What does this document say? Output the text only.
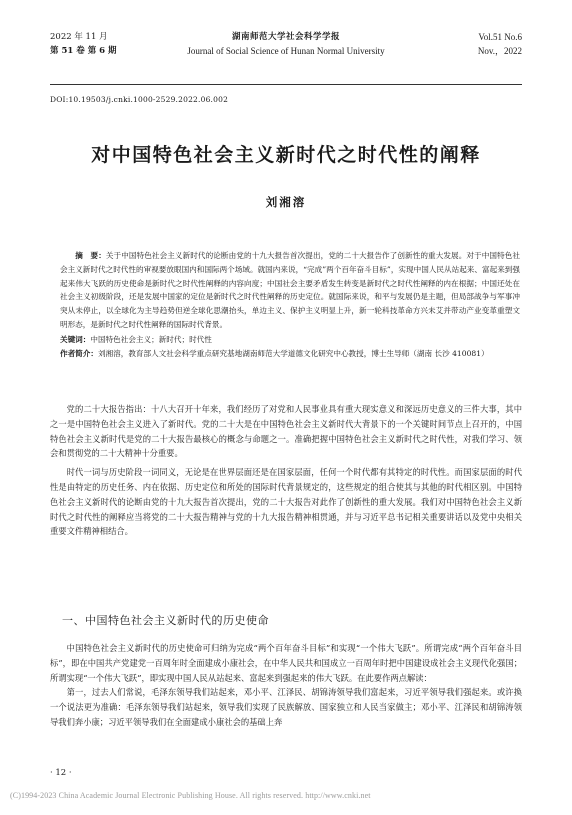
2022 年 11 月
第 51 卷 第 6 期
湖南师范大学社会科学学报
Journal of Social Science of Hunan Normal University
Vol.51 No.6
Nov.，2022
DOI:10.19503/j.cnki.1000-2529.2022.06.002
对中国特色社会主义新时代之时代性的阐释
刘湘溶

摘　要：关于中国特色社会主义新时代的论断由党的十九大报告首次提出，党的二十大报告作了创新性的重大发展。对于中国特色社会主义新时代之时代性的审视要放眼国内和国际两个场域。就国内来说，“完成”两个百年奋斗目标”，实现中国人民从站起来、富起来到强起来伟大飞跃的历史使命是新时代之时代性阐释的内容向度；中国社会主要矛盾发生转变是新时代之时代性阐释的内在根据；中国还处在社会主义初级阶段，还是发展中国家的定位是新时代之时代性阐释的历史定位。就国际来说，和平与发展仍是主题，但局部战争与军事冲突从未停止，以全球化为主导趋势但逆全球化思潮抬头，单边主义、保护主义明显上升，新一轮科技革命方兴未艾并带动产业变革重塑文明形态，是新时代之时代性阐释的国际时代背景。

关键词：中国特色社会主义；新时代；时代性

作者简介：刘湘溶，教育部人文社会科学重点研究基地湖南师范大学道德文化研究中心教授，博士生导师（湖南 长沙 410081）

党的二十大报告指出：十八大召开十年来，我们经历了对党和人民事业具有重大现实意义和深远历史意义的三件大事，其中之一是中国特色社会主义进入了新时代。党的二十大是在中国特色社会主义新时代大背景下的一个关键时间节点上召开的，中国特色社会主义新时代是党的二十大报告最核心的概念与命题之一。准确把握中国特色社会主义新时代之时代性，对我们学习、领会和贯彻党的二十大精神十分重要。

时代一词与历史阶段一词同义，无论是在世界层面还是在国家层面，任何一个时代都有其特定的时代性。而国家层面的时代性是由特定的历史任务、内在依据、历史定位和所处的国际时代背景规定的，这些规定的组合使其与其他的时代相区别。中国特色社会主义新时代的论断由党的十九大报告首次提出，党的二十大报告对此作了创新性的重大发展。我们对中国特色社会主义新时代之时代性的阐释应当将党的二十大报告精神与党的十九大报告精神相贯通，并与习近平总书记相关重要讲话以及党中央相关重要文件精神相结合。

一、中国特色社会主义新时代的历史使命

中国特色社会主义新时代的历史使命可归纳为完成“两个百年奋斗目标”和实现“一个伟大飞跃”。所谓完成“两个百年奋斗目标”，即在中国共产党建党一百周年时全面建成小康社会，在中华人民共和国成立一百周年时把中国建设成社会主义现代化强国；所谓实现“一个伟大飞跃”，即实现中国人民从站起来、富起来到强起来的伟大飞跃。在此要作两点解读：

第一，过去人们常说，毛泽东领导我们站起来，邓小平、江泽民、胡锦涛领导我们富起来，习近平领导我们强起来。或许换一个说法更为准确：毛泽东领导我们站起来，领导我们实现了民族解放、国家独立和人民当家做主；邓小平、江泽民和胡锦涛领导我们奔小康；习近平领导我们在全面建成小康社会的基础上奔

· 12 ·
(C)1994-2023 China Academic Journal Electronic Publishing House. All rights reserved. http://www.cnki.net
